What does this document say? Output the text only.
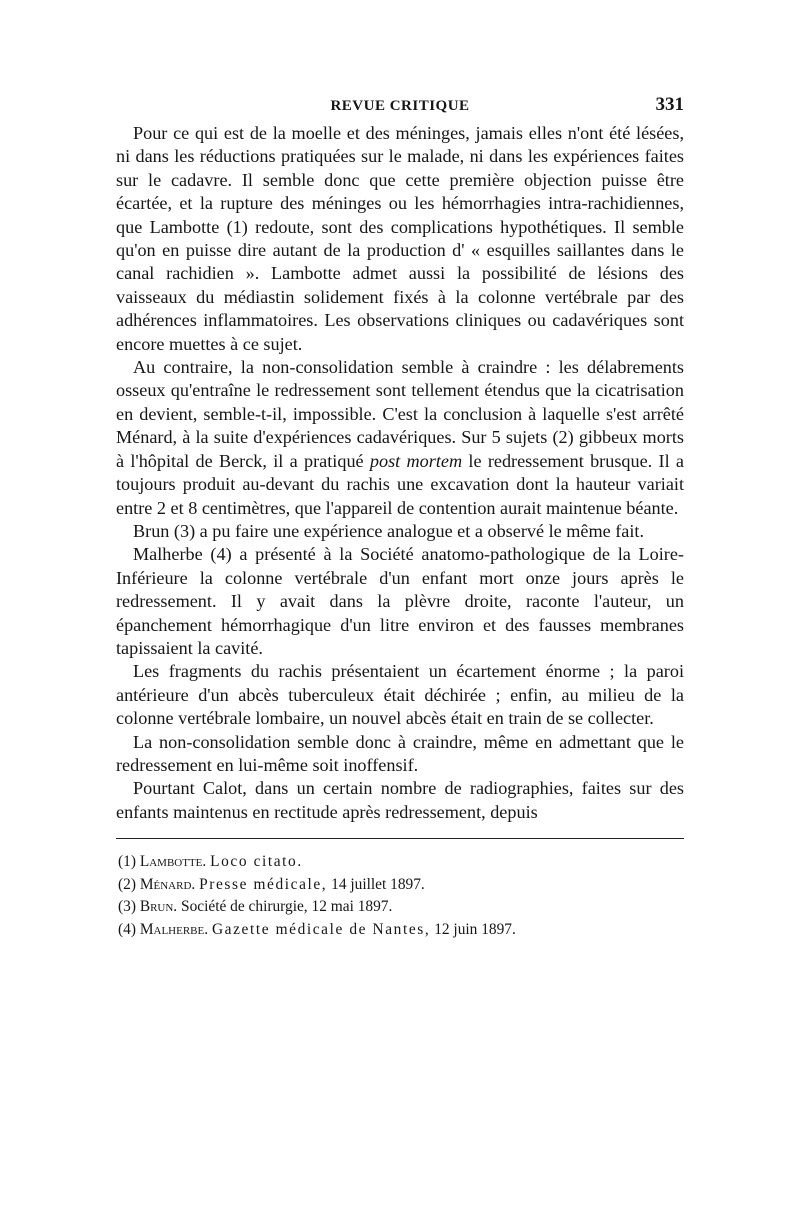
REVUE CRITIQUE	331

Pour ce qui est de la moelle et des méninges, jamais elles n'ont été lésées, ni dans les réductions pratiquées sur le malade, ni dans les expériences faites sur le cadavre. Il semble donc que cette première objection puisse être écartée, et la rupture des méninges ou les hémorrhagies intra-rachidiennes, que Lambotte (1) redoute, sont des complications hypothétiques. Il semble qu'on en puisse dire autant de la production d' « esquilles saillantes dans le canal rachidien ». Lambotte admet aussi la possibilité de lésions des vaisseaux du médiastin solidement fixés à la colonne vertébrale par des adhérences inflammatoires. Les observations cliniques ou cadavériques sont encore muettes à ce sujet.

Au contraire, la non-consolidation semble à craindre : les délabrements osseux qu'entraîne le redressement sont tellement étendus que la cicatrisation en devient, semble-t-il, impossible. C'est la conclusion à laquelle s'est arrêté Ménard, à la suite d'expériences cadavériques. Sur 5 sujets (2) gibbeux morts à l'hôpital de Berck, il a pratiqué post mortem le redressement brusque. Il a toujours produit au-devant du rachis une excavation dont la hauteur variait entre 2 et 8 centimètres, que l'appareil de contention aurait maintenue béante.

Brun (3) a pu faire une expérience analogue et a observé le même fait.

Malherbe (4) a présenté à la Société anatomo-pathologique de la Loire-Inférieure la colonne vertébrale d'un enfant mort onze jours après le redressement. Il y avait dans la plèvre droite, raconte l'auteur, un épanchement hémorrhagique d'un litre environ et des fausses membranes tapissaient la cavité.

Les fragments du rachis présentaient un écartement énorme ; la paroi antérieure d'un abcès tuberculeux était déchirée ; enfin, au milieu de la colonne vertébrale lombaire, un nouvel abcès était en train de se collecter.

La non-consolidation semble donc à craindre, même en admettant que le redressement en lui-même soit inoffensif.

Pourtant Calot, dans un certain nombre de radiographies, faites sur des enfants maintenus en rectitude après redressement, depuis

(1) Lambotte. Loco citato.
(2) Ménard. Presse médicale, 14 juillet 1897.
(3) Brun. Société de chirurgie, 12 mai 1897.
(4) Malherbe. Gazette médicale de Nantes, 12 juin 1897.
